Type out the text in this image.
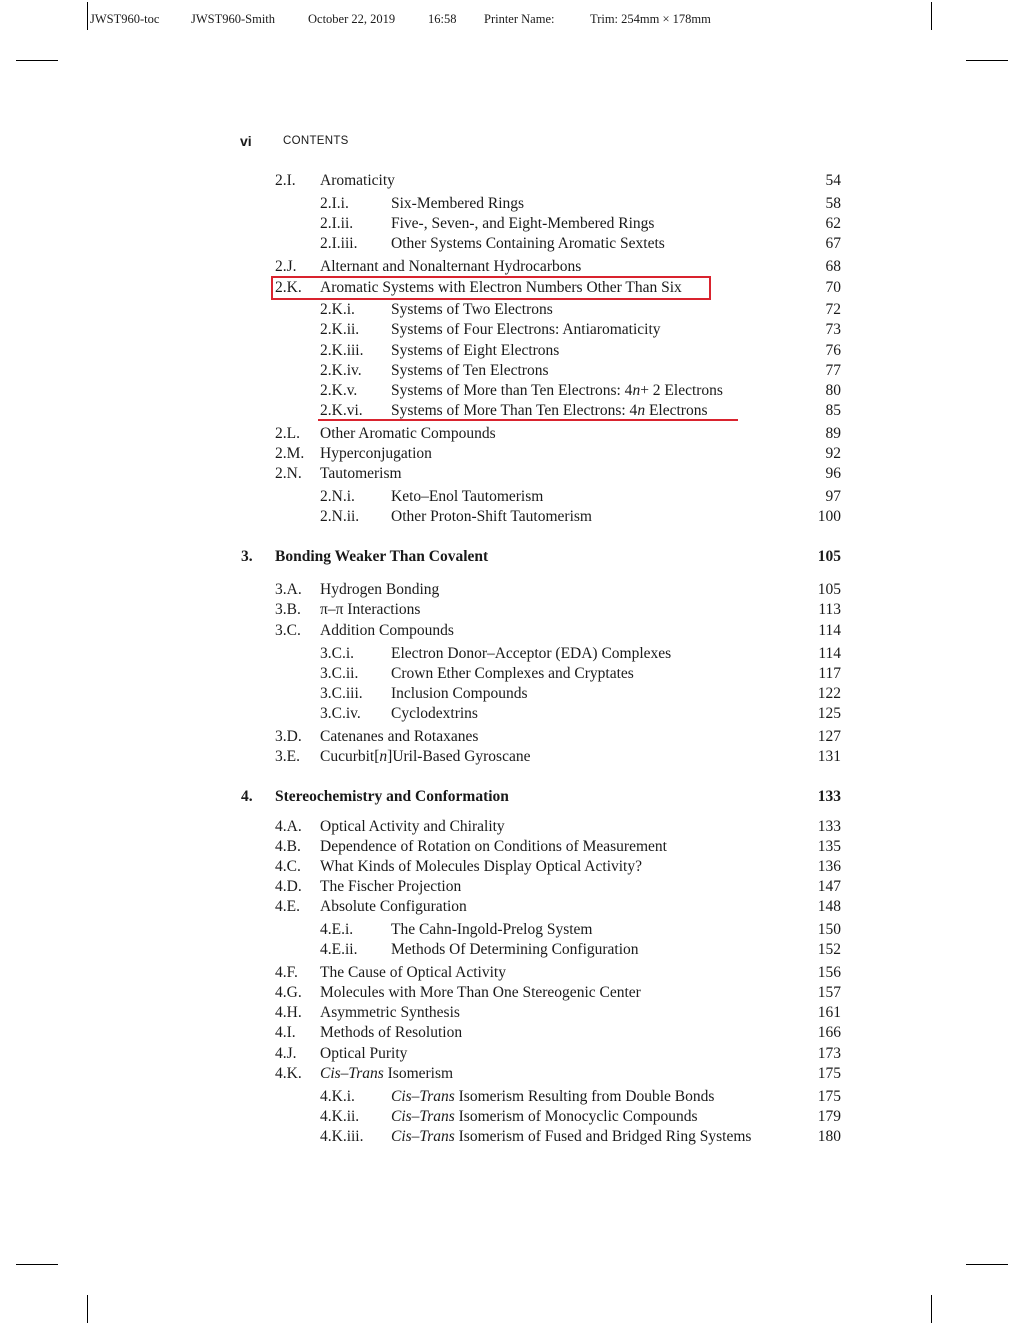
JWST960-toc	JWST960-Smith	October 22, 2019	16:58 Printer Name:	Trim: 254mm × 178mm
vi	CONTENTS
2.I. Aromaticity	54
2.I.i.	Six-Membered Rings	58
2.I.ii. Five-, Seven-, and Eight-Membered Rings	62
2.I.iii. Other Systems Containing Aromatic Sextets	67
2.J. Alternant and Nonalternant Hydrocarbons	68
2.K. Aromatic Systems with Electron Numbers Other Than Six	70
2.K.i. Systems of Two Electrons	72
2.K.ii. Systems of Four Electrons: Antiaromaticity	73
2.K.iii. Systems of Eight Electrons	76
2.K.iv. Systems of Ten Electrons	77
2.K.v. Systems of More than Ten Electrons: 4n+ 2 Electrons	80
2.K.vi. Systems of More Than Ten Electrons: 4n Electrons	85
2.L. Other Aromatic Compounds	89
2.M. Hyperconjugation	92
2.N. Tautomerism	96
2.N.i. Keto–Enol Tautomerism	97
2.N.ii. Other Proton-Shift Tautomerism	100
3. Bonding Weaker Than Covalent	105
3.A. Hydrogen Bonding	105
3.B. π–π Interactions	113
3.C. Addition Compounds	114
3.C.i. Electron Donor–Acceptor (EDA) Complexes	114
3.C.ii. Crown Ether Complexes and Cryptates	117
3.C.iii. Inclusion Compounds	122
3.C.iv. Cyclodextrins	125
3.D. Catenanes and Rotaxanes	127
3.E. Cucurbit[n]Uril-Based Gyroscane	131
4. Stereochemistry and Conformation	133
4.A. Optical Activity and Chirality	133
4.B. Dependence of Rotation on Conditions of Measurement	135
4.C. What Kinds of Molecules Display Optical Activity?	136
4.D. The Fischer Projection	147
4.E. Absolute Configuration	148
4.E.i. The Cahn-Ingold-Prelog System	150
4.E.ii. Methods Of Determining Configuration	152
4.F. The Cause of Optical Activity	156
4.G. Molecules with More Than One Stereogenic Center	157
4.H. Asymmetric Synthesis	161
4.I. Methods of Resolution	166
4.J. Optical Purity	173
4.K. Cis–Trans Isomerism	175
4.K.i. Cis–Trans Isomerism Resulting from Double Bonds	175
4.K.ii. Cis–Trans Isomerism of Monocyclic Compounds	179
4.K.iii. Cis–Trans Isomerism of Fused and Bridged Ring Systems	180
